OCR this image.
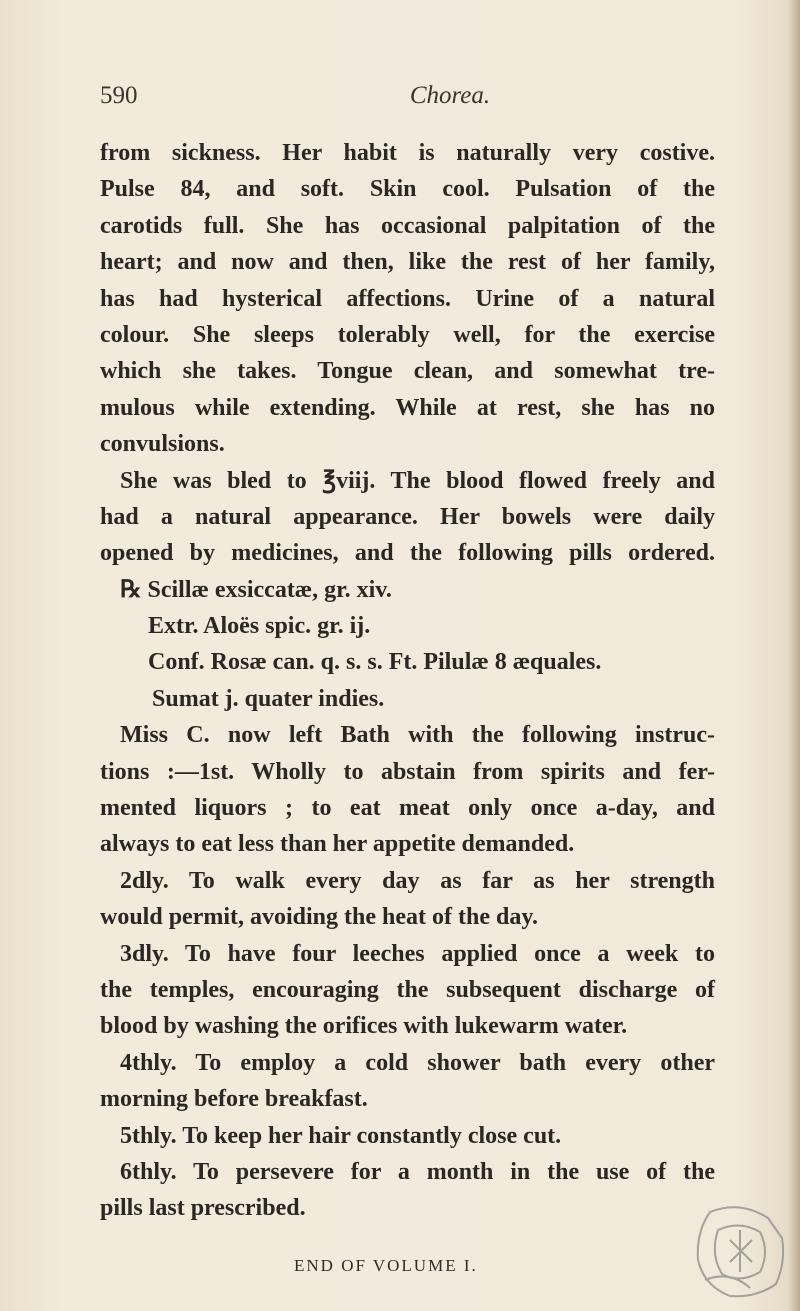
590	Chorea.
from sickness. Her habit is naturally very costive.
Pulse 84, and soft. Skin cool. Pulsation of the
carotids full. She has occasional palpitation of the
heart; and now and then, like the rest of her family,
has had hysterical affections. Urine of a natural
colour. She sleeps tolerably well, for the exercise
which she takes. Tongue clean, and somewhat tre-
mulous while extending. While at rest, she has no
convulsions.
She was bled to ℥viij. The blood flowed freely and
had a natural appearance. Her bowels were daily
opened by medicines, and the following pills ordered.
℞ Scillæ exsiccatæ, gr. xiv.
Extr. Aloës spic. gr. ij.
Conf. Rosæ can. q. s. s. Ft. Pilulæ 8 æquales.
Sumat j. quater indies.
Miss C. now left Bath with the following instruc-
tions :—1st. Wholly to abstain from spirits and fer-
mented liquors ; to eat meat only once a-day, and
always to eat less than her appetite demanded.
2dly. To walk every day as far as her strength
would permit, avoiding the heat of the day.
3dly. To have four leeches applied once a week to
the temples, encouraging the subsequent discharge of
blood by washing the orifices with lukewarm water.
4thly. To employ a cold shower bath every other
morning before breakfast.
5thly. To keep her hair constantly close cut.
6thly. To persevere for a month in the use of the
pills last prescribed.
END OF VOLUME I.
